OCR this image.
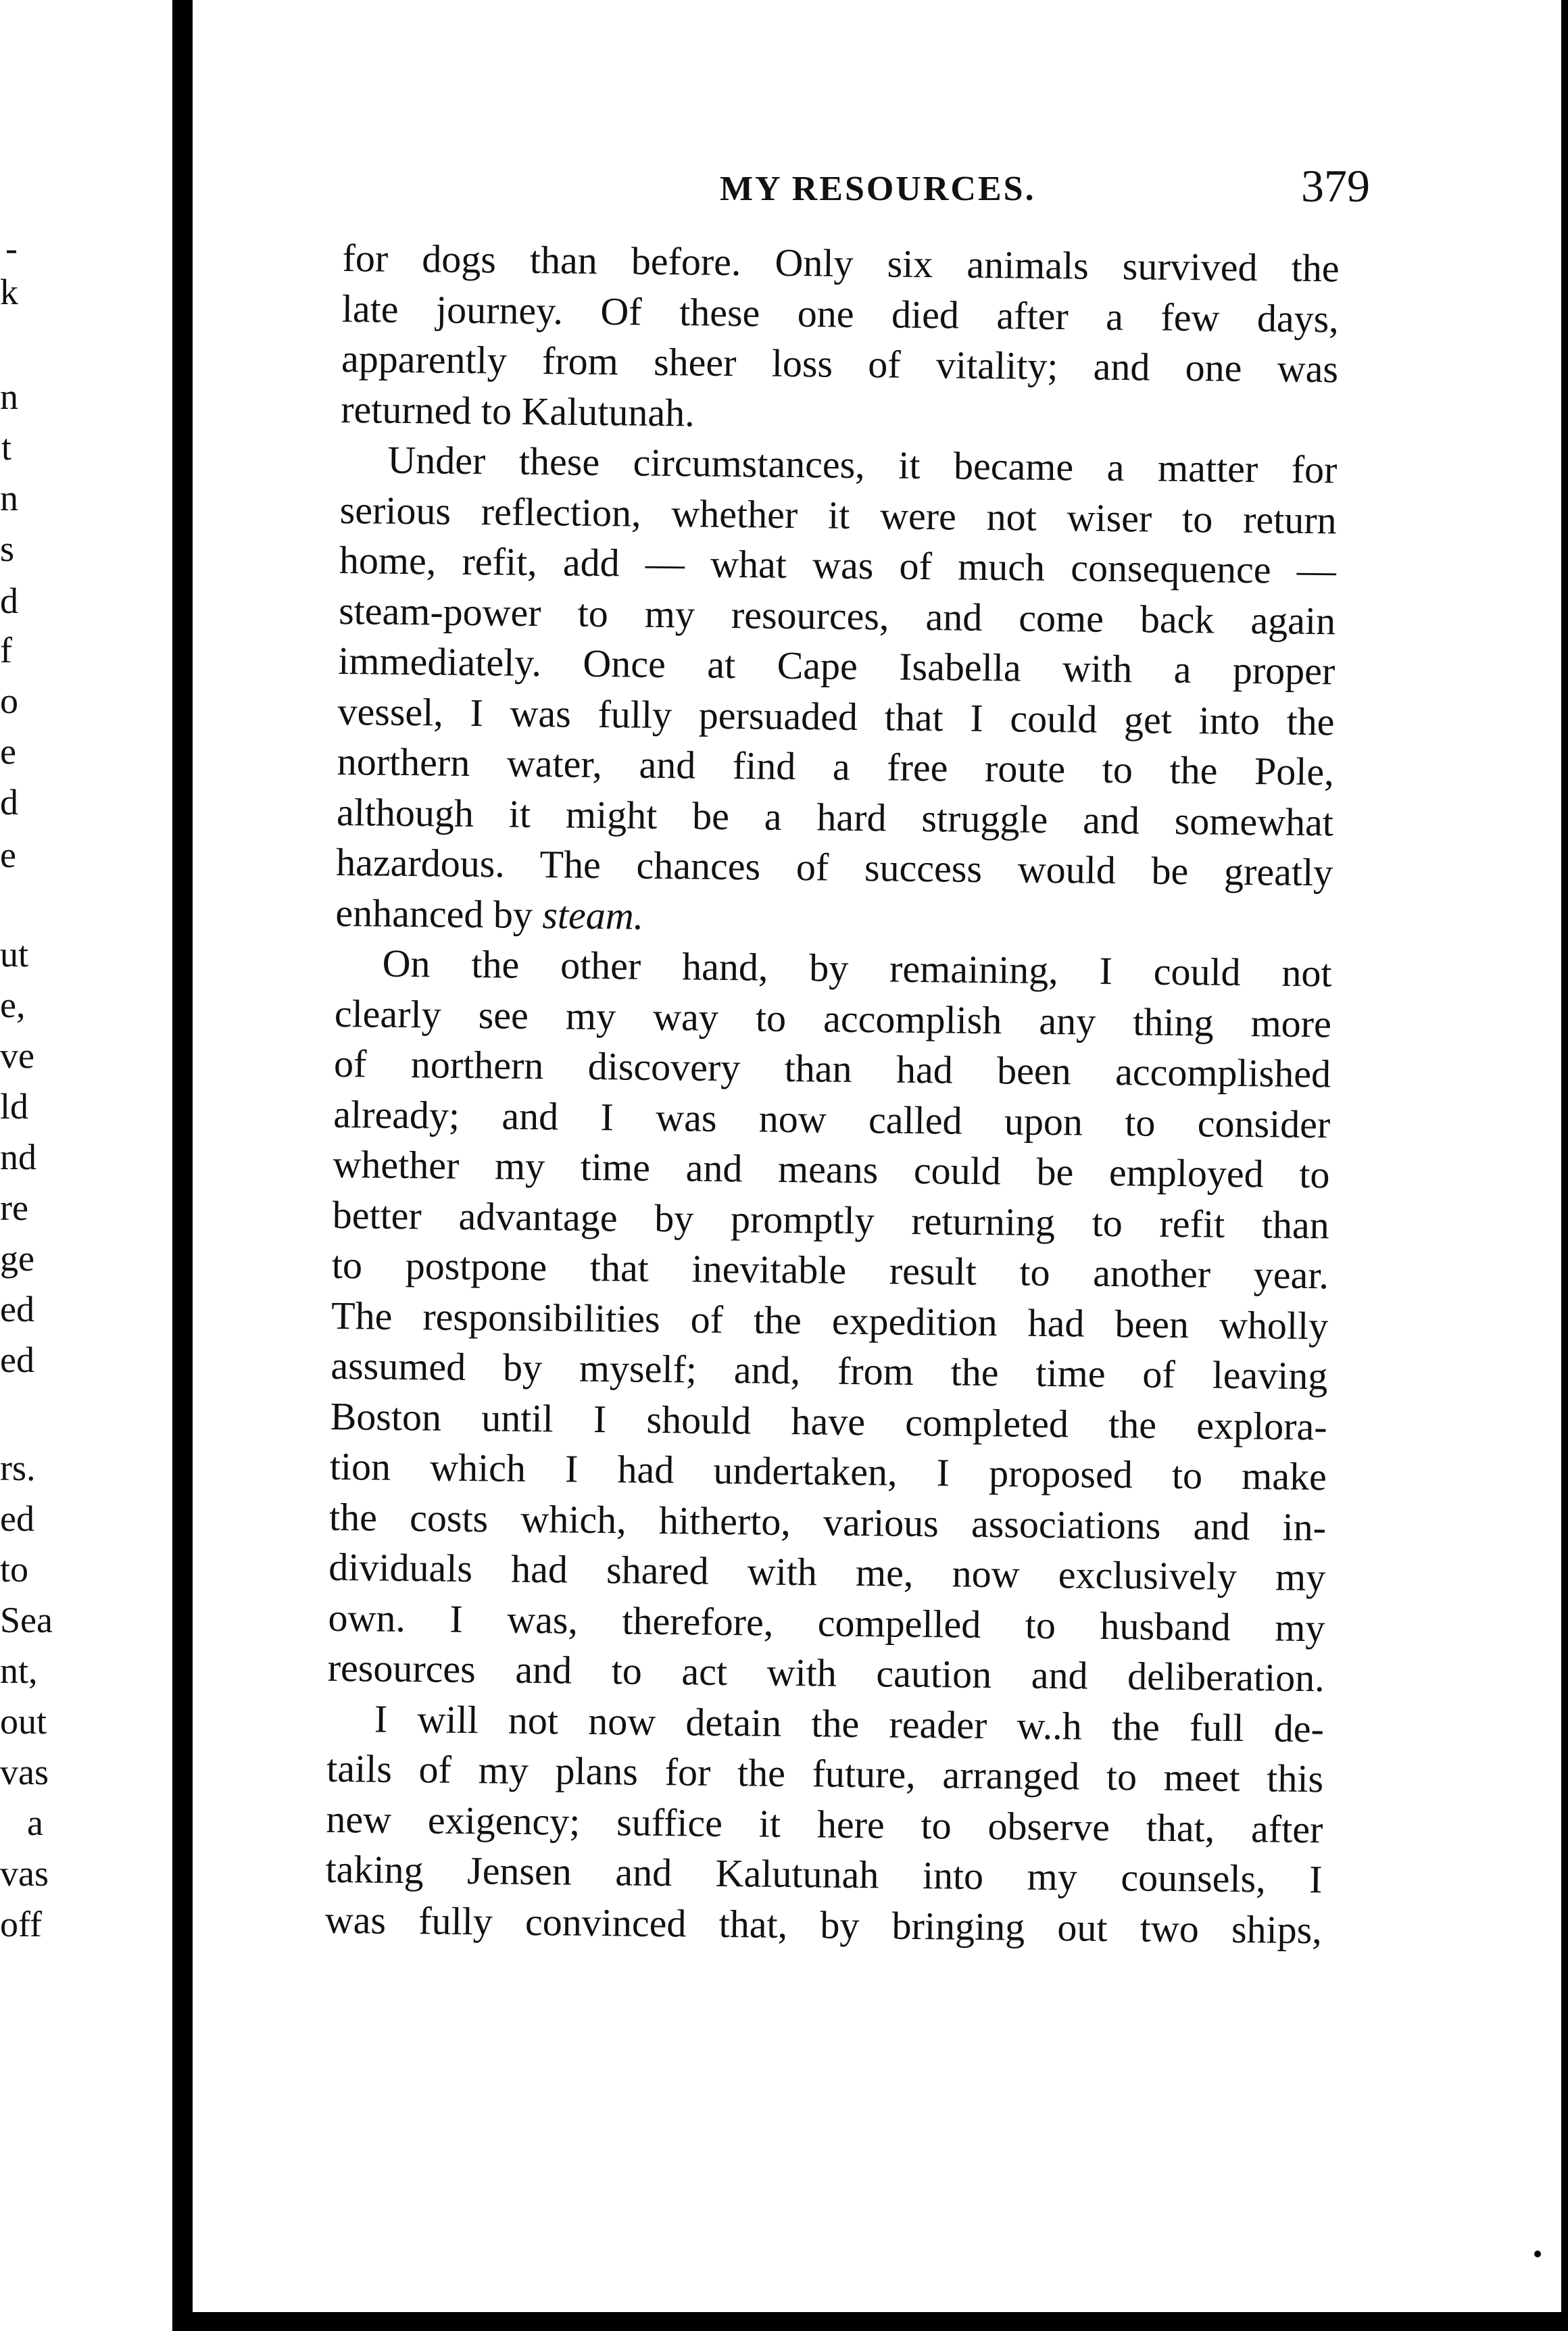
-
k
n
t
n
s
d
f
o
e
d
e
ut
e,
ve
ld
nd
re
ge
ed
ed
rs.
ed
to
Sea
nt,
out
vas
a
vas
off
MY RESOURCES.	379
for dogs than before. Only six animals survived the
late journey. Of these one died after a few days,
apparently from sheer loss of vitality; and one was
returned to Kalutunah.
Under these circumstances, it became a matter for
serious reflection, whether it were not wiser to return
home, refit, add — what was of much consequence —
steam-power to my resources, and come back again
immediately. Once at Cape Isabella with a proper
vessel, I was fully persuaded that I could get into the
northern water, and find a free route to the Pole,
although it might be a hard struggle and somewhat
hazardous. The chances of success would be greatly
enhanced by steam.
On the other hand, by remaining, I could not
clearly see my way to accomplish any thing more
of northern discovery than had been accomplished
already; and I was now called upon to consider
whether my time and means could be employed to
better advantage by promptly returning to refit than
to postpone that inevitable result to another year.
The responsibilities of the expedition had been wholly
assumed by myself; and, from the time of leaving
Boston until I should have completed the explora-
tion which I had undertaken, I proposed to make
the costs which, hitherto, various associations and in-
dividuals had shared with me, now exclusively my
own. I was, therefore, compelled to husband my
resources and to act with caution and deliberation.
I will not now detain the reader w..h the full de-
tails of my plans for the future, arranged to meet this
new exigency; suffice it here to observe that, after
taking Jensen and Kalutunah into my counsels, I
was fully convinced that, by bringing out two ships,
